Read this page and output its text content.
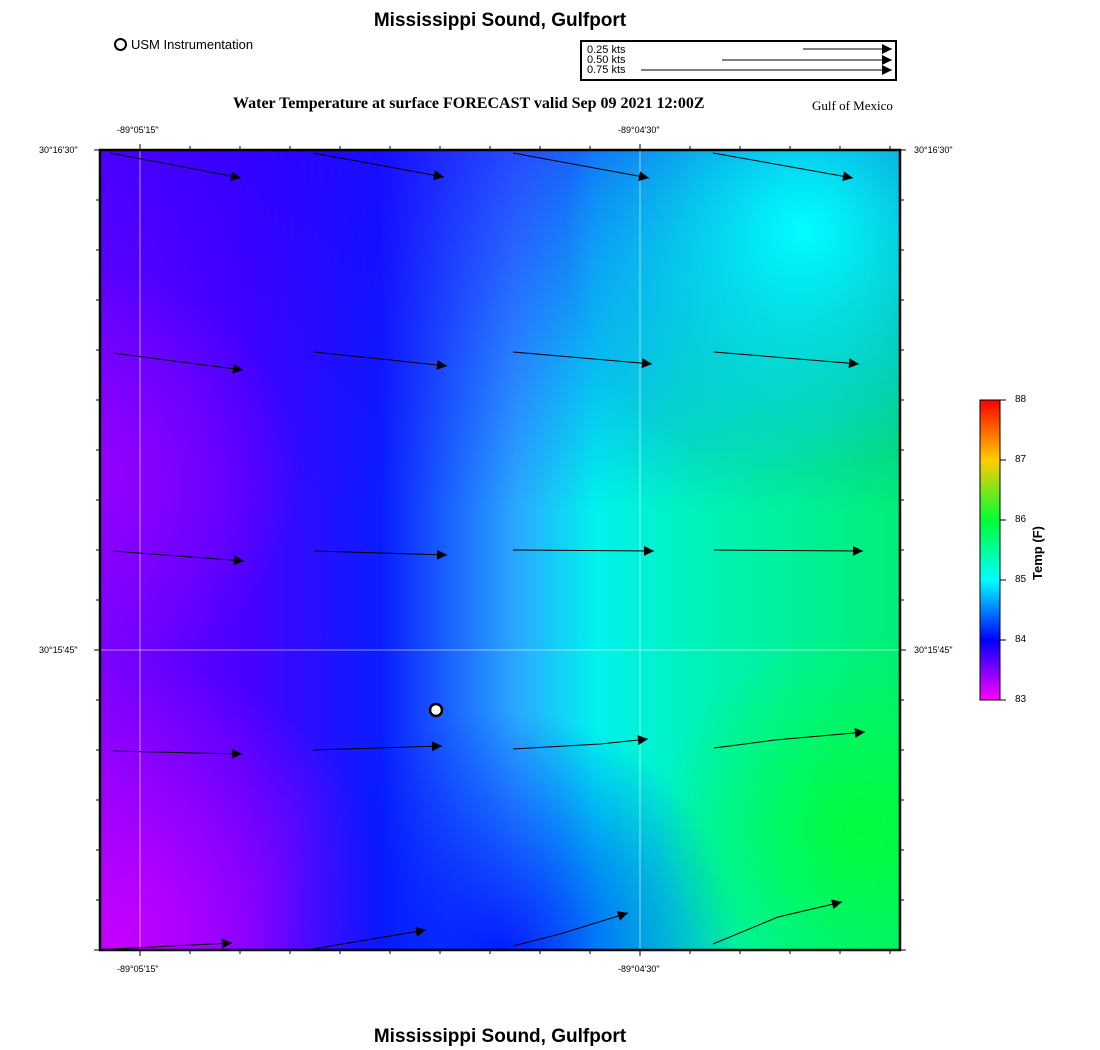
Mississippi Sound, Gulfport
USM Instrumentation	0.25 kts
0.50 kts
0.75 kts
Water Temperature at surface FORECAST valid Sep 09 2021 12:00Z	Gulf of Mexico
-89°05'15"	-89°04'30"
-89°05'15"	-89°04'30"
30°16'30"
30°15'45"
30°16'30"
30°15'45"
88
87
86
85
84
83
Temp (F)
Mississippi Sound, Gulfport
